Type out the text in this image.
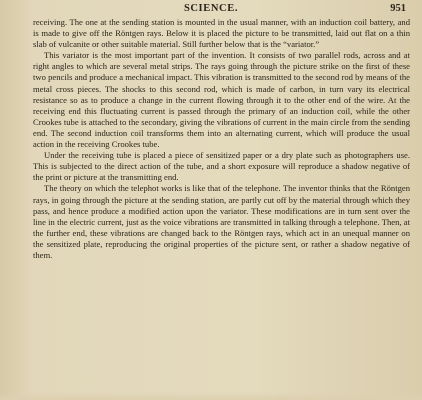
SCIENCE.	951

receiving. The one at the sending station is mounted in the usual manner, with an induction coil battery, and is made to give off the Röntgen rays. Below it is placed the picture to be transmitted, laid out flat on a thin slab of vulcanite or other suitable material. Still further below that is the “variator.”

This variator is the most important part of the invention. It consists of two parallel rods, across and at right angles to which are several metal strips. The rays going through the picture strike on the first of these two pencils and produce a mechanical impact. This vibration is transmitted to the second rod by means of the metal cross pieces. The shocks to this second rod, which is made of carbon, in turn vary its electrical resistance so as to produce a change in the current flowing through it to the other end of the wire. At the receiving end this fluctuating current is passed through the primary of an induction coil, while the other Crookes tube is attached to the secondary, giving the vibrations of current in the main circle from the sending end. The second induction coil transforms them into an alternating current, which will produce the usual action in the receiving Crookes tube.

Under the receiving tube is placed a piece of sensitized paper or a dry plate such as photographers use. This is subjected to the direct action of the tube, and a short exposure will reproduce a shadow negative of the print or picture at the transmitting end.

The theory on which the telephot works is like that of the telephone. The inventor thinks that the Röntgen rays, in going through the picture at the sending station, are partly cut off by the material through which they pass, and hence produce a modified action upon the variator. These modifications are in turn sent over the line in the electric current, just as the voice vibrations are transmitted in talking through a telephone. Then, at the further end, these vibrations are changed back to the Röntgen rays, which act in an unequal manner on the sensitized plate, reproducing the original properties of the picture sent, or rather a shadow negative of them.
